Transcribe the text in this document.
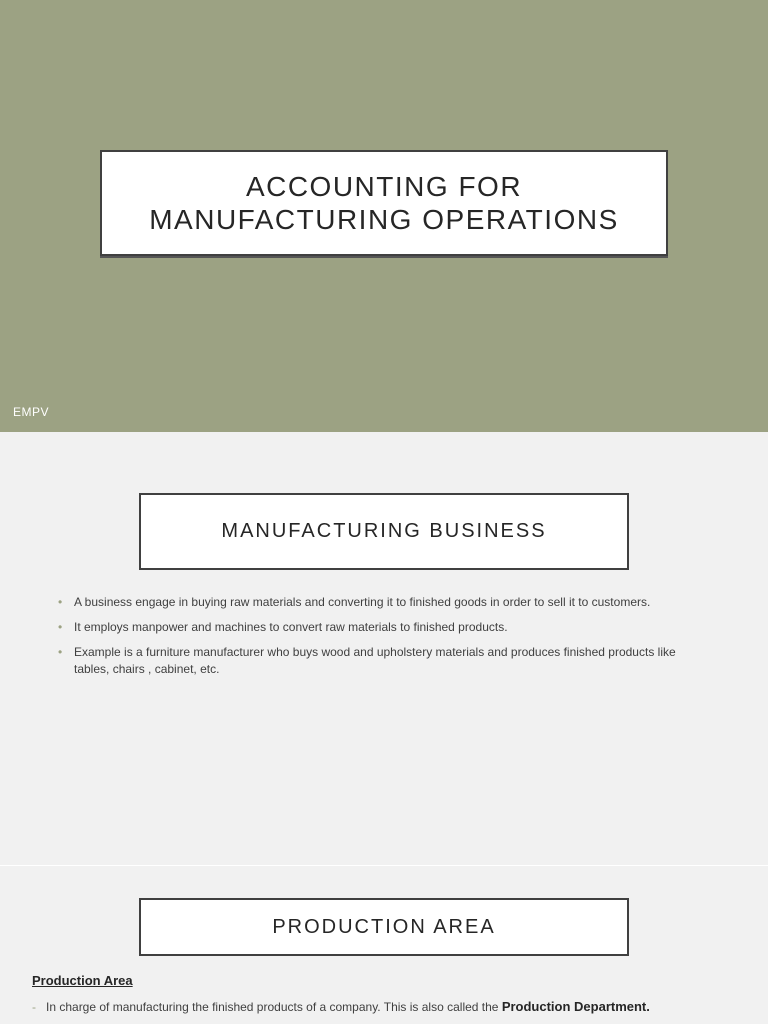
ACCOUNTING FOR
MANUFACTURING OPERATIONS
EMPV
MANUFACTURING BUSINESS
• A business engage in buying raw materials and converting it to finished goods in order to sell it to customers.
• It employs manpower and machines to convert raw materials to finished products.
• Example is a furniture manufacturer who buys wood and upholstery materials and produces finished products like tables, chairs , cabinet, etc.
PRODUCTION AREA
Production Area
- In charge of manufacturing the finished products of a company. This is also called the Production Department.
